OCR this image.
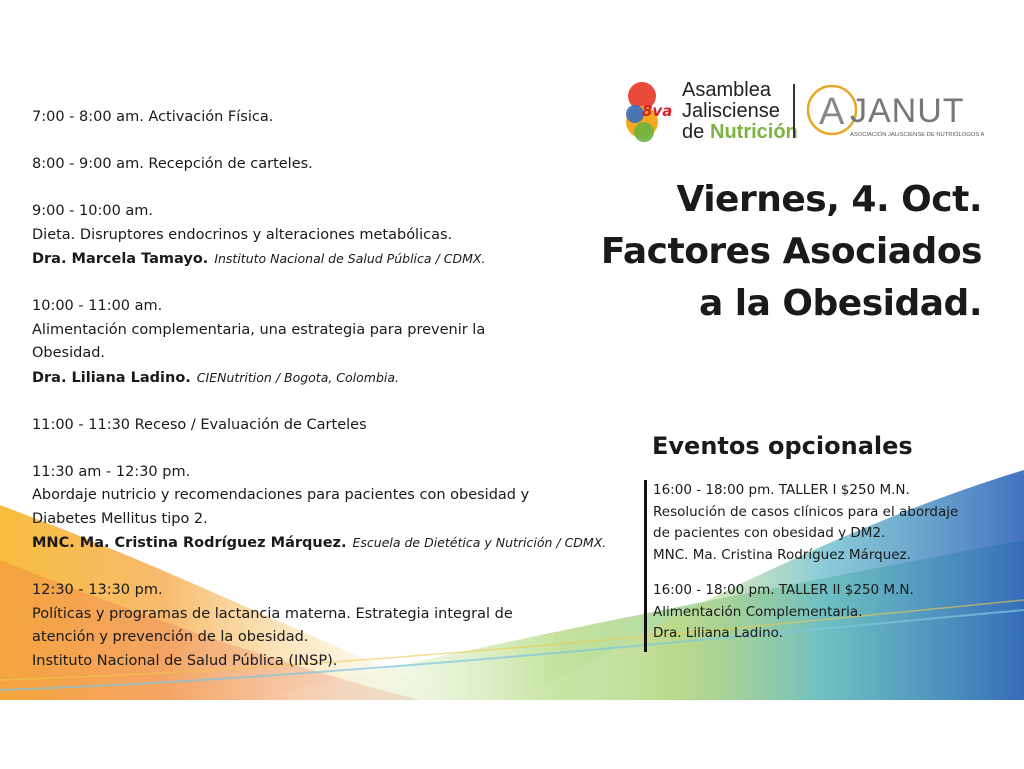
8va
Asamblea
Jalisciense
de Nutrición A JANUT
ASOCIACIÓN JALISCIENSE DE NUTRIÓLOGOS A.C.
Viernes, 4. Oct.
Factores Asociados
a la Obesidad.
7:00 - 8:00 am. Activación Física.
8:00 - 9:00 am. Recepción de carteles.
9:00 - 10:00 am.
Dieta. Disruptores endocrinos y alteraciones metabólicas.
Dra. Marcela Tamayo. Instituto Nacional de Salud Pública / CDMX.
10:00 - 11:00 am.
Alimentación complementaria, una estrategia para prevenir la
Obesidad.
Dra. Liliana Ladino. CIENutrition / Bogota, Colombia.
11:00 - 11:30 Receso / Evaluación de Carteles
11:30 am - 12:30 pm.
Abordaje nutricio y recomendaciones para pacientes con obesidad y
Diabetes Mellitus tipo 2.
MNC. Ma. Cristina Rodríguez Márquez. Escuela de Dietética y Nutrición / CDMX.
12:30 - 13:30 pm.
Políticas y programas de lactancia materna. Estrategia integral de
atención y prevención de la obesidad.
Instituto Nacional de Salud Pública (INSP).
Eventos opcionales
16:00 - 18:00 pm. TALLER I $250 M.N.
Resolución de casos clínicos para el abordaje
de pacientes con obesidad y DM2.
MNC. Ma. Cristina Rodríguez Márquez.
16:00 - 18:00 pm. TALLER II $250 M.N.
Alimentación Complementaria.
Dra. Liliana Ladino.
